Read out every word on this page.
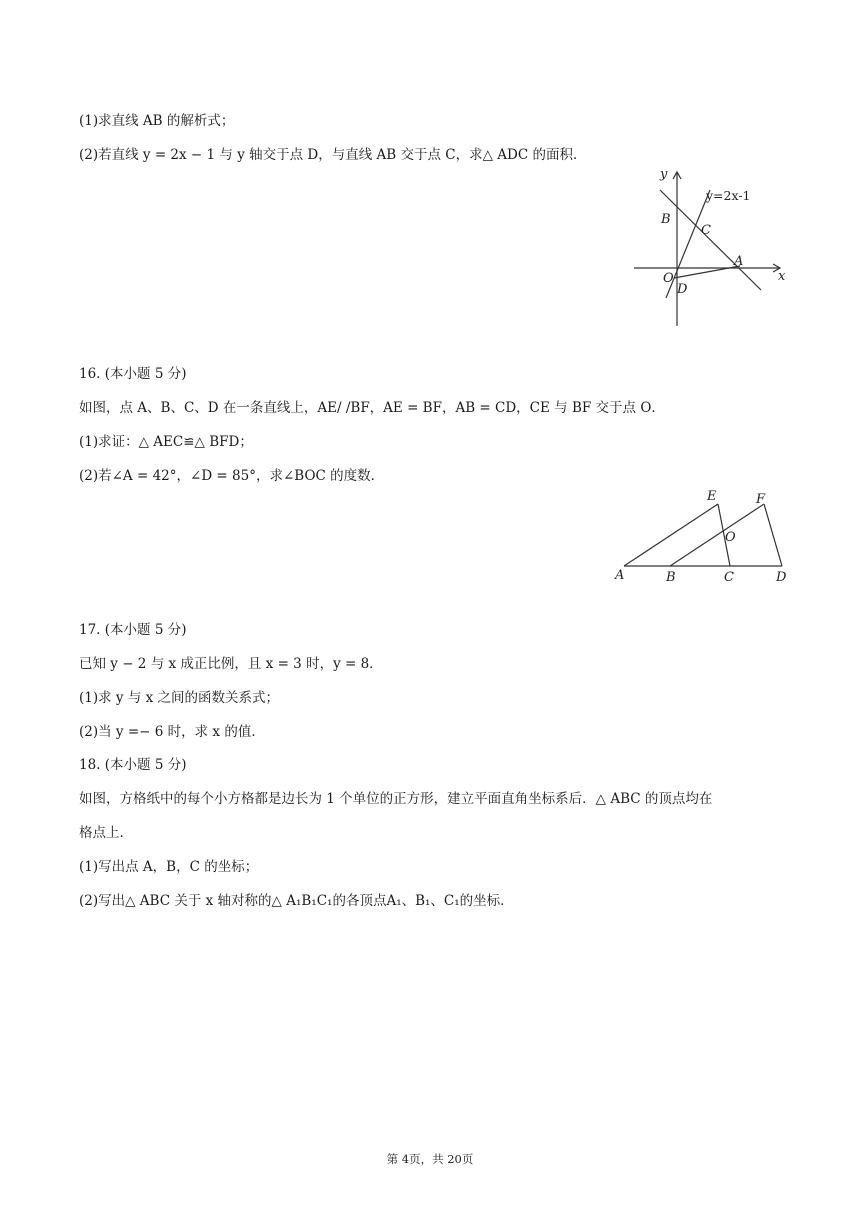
(1)求直线 AB 的解析式；
(2)若直线 y = 2x − 1 与 y 轴交于点 D，与直线 AB 交于点 C，求△ ADC 的面积．
y
x
y=2x-1
B
C
A
O
D
16. (本小题 5 分)
如图，点 A、B、C、D 在一条直线上，AE/ /BF，AE = BF，AB = CD，CE 与 BF 交于点 O．
(1)求证：△ AEC≌△ BFD；
(2)若∠A = 42°，∠D = 85°，求∠BOC 的度数．
E	F
O
A	B	C	D
17. (本小题 5 分)
已知 y − 2 与 x 成正比例，且 x = 3 时，y = 8．
(1)求 y 与 x 之间的函数关系式；
(2)当 y =− 6 时，求 x 的值．
18. (本小题 5 分)
如图，方格纸中的每个小方格都是边长为 1 个单位的正方形，建立平面直角坐标系后．△ ABC 的顶点均在
格点上．
(1)写出点 A，B，C 的坐标；
(2)写出△ ABC 关于 x 轴对称的△ A₁B₁C₁的各顶点A₁、B₁、C₁的坐标．
第 4页，共 20页
